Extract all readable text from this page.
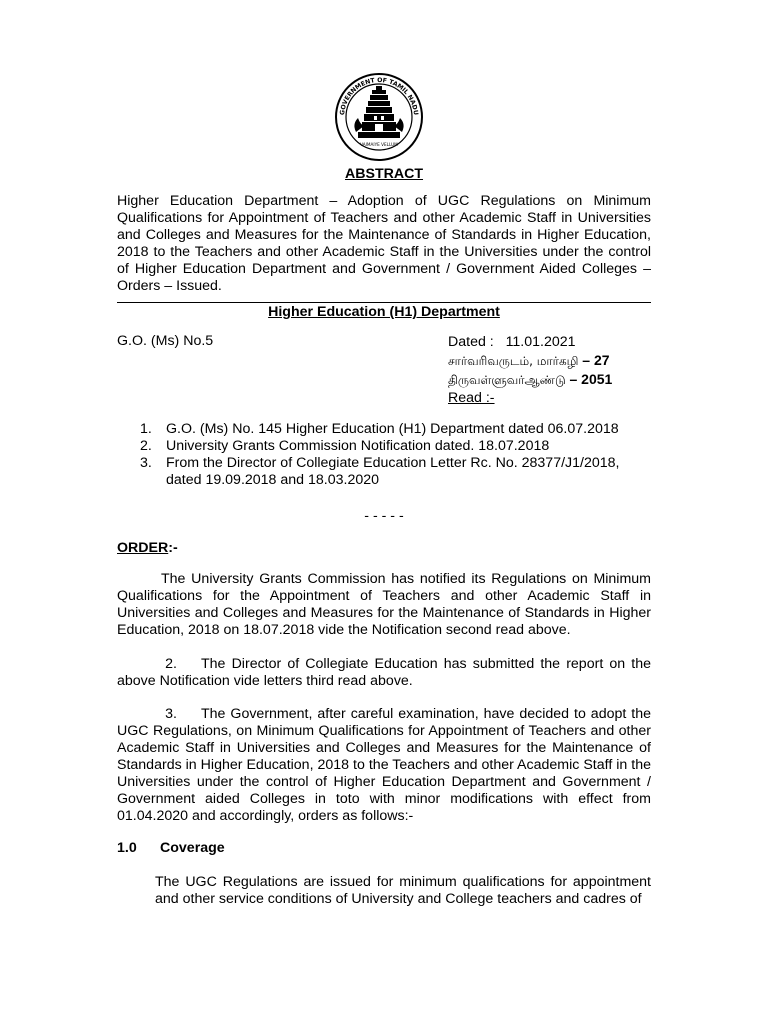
VAIMAIYE VELLUM
GOVERNMENT OF TAMIL NADU
ABSTRACT
Higher Education Department – Adoption of UGC Regulations on Minimum Qualifications for Appointment of Teachers and other Academic Staff in Universities and Colleges and Measures for the Maintenance of Standards in Higher Education, 2018 to the Teachers and other Academic Staff in the Universities under the control of Higher Education Department and Government / Government Aided Colleges – Orders – Issued.
Higher Education (H1) Department
G.O. (Ms) No.5	Dated : 11.01.2021
சார்வரிவருடம், மார்கழி – 27
திருவள்ளுவர்ஆண்டு – 2051
Read :-
1. G.O. (Ms) No. 145 Higher Education (H1) Department dated 06.07.2018
2. University Grants Commission Notification dated. 18.07.2018
3. From the Director of Collegiate Education Letter Rc. No. 28377/J1/2018, dated 19.09.2018 and 18.03.2020
- - - - -
ORDER:-
The University Grants Commission has notified its Regulations on Minimum Qualifications for the Appointment of Teachers and other Academic Staff in Universities and Colleges and Measures for the Maintenance of Standards in Higher Education, 2018 on 18.07.2018 vide the Notification second read above.
2. The Director of Collegiate Education has submitted the report on the above Notification vide letters third read above.
3. The Government, after careful examination, have decided to adopt the UGC Regulations, on Minimum Qualifications for Appointment of Teachers and other Academic Staff in Universities and Colleges and Measures for the Maintenance of Standards in Higher Education, 2018 to the Teachers and other Academic Staff in the Universities under the control of Higher Education Department and Government / Government aided Colleges in toto with minor modifications with effect from 01.04.2020 and accordingly, orders as follows:-
1.0 Coverage
The UGC Regulations are issued for minimum qualifications for appointment and other service conditions of University and College teachers and cadres of
